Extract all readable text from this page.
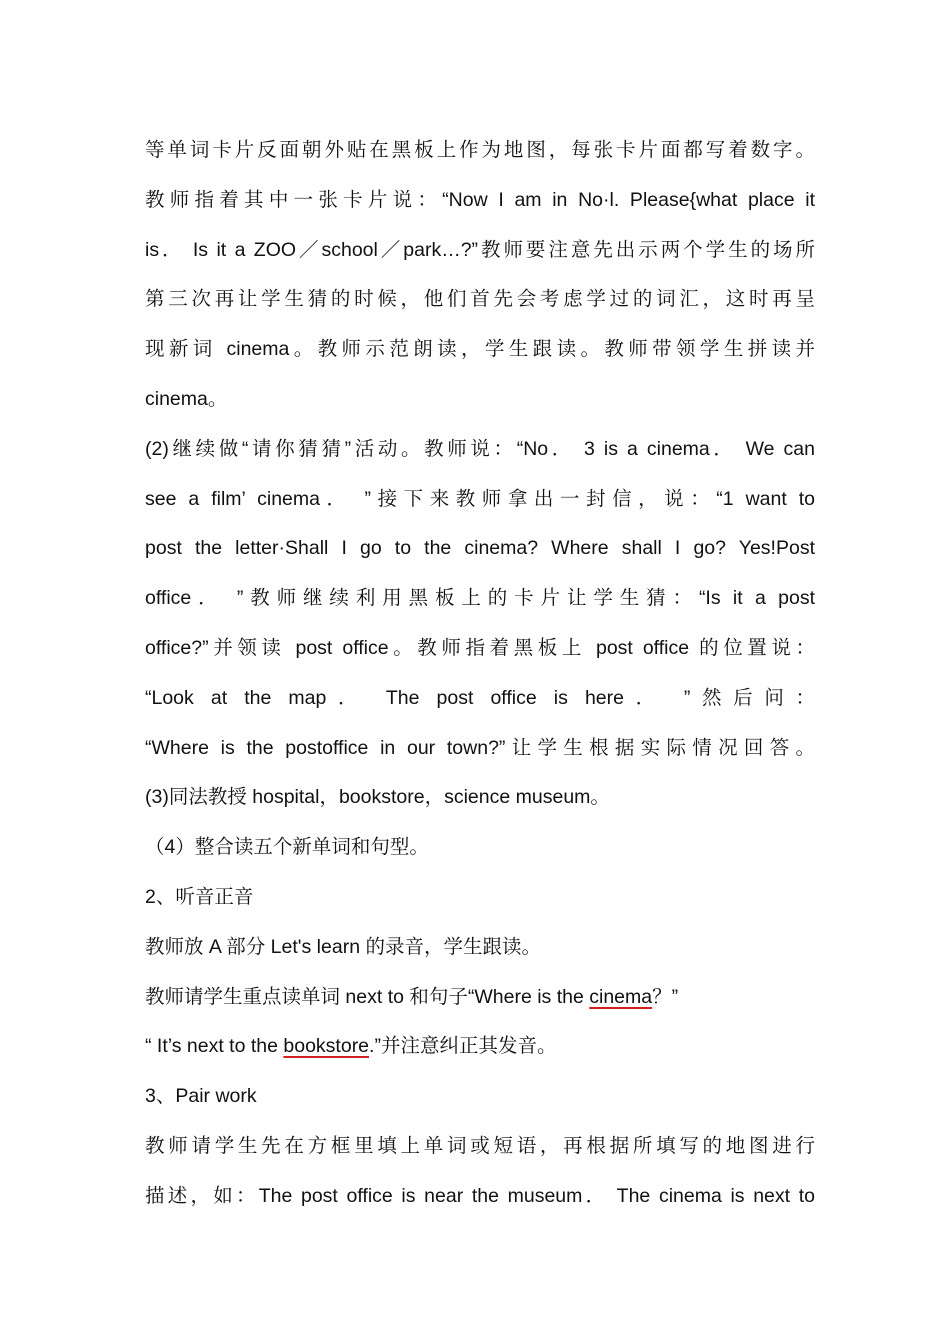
等单词卡片反面朝外贴在黑板上作为地图，每张卡片面都写着数字。
教师指着其中一张卡片说：“Now I am in No·l. Please{what place it
is． Is it a ZOO／school／park…?”教师要注意先出示两个学生的场所
第三次再让学生猜的时候，他们首先会考虑学过的词汇，这时再呈
现新词 cinema。教师示范朗读，学生跟读。教师带领学生拼读并
cinema。
(2)继续做“请你猜猜”活动。教师说：“No． 3 is a cinema． We can
see a film’ cinema． ”接下来教师拿出一封信，说：“1 want to
post the letter·Shall I go to the cinema? Where shall I go? Yes!Post
office． ”教师继续利用黑板上的卡片让学生猜：“Is it a post
office?”并领读 post office。教师指着黑板上 post office 的位置说：
“Look at the map． The post office is here． ”然后问：
“Where is the postoffice in our town?”让学生根据实际情况回答。
(3)同法教授 hospital，bookstore，science museum。
（4）整合读五个新单词和句型。
2、听音正音
教师放 A 部分 Let's learn 的录音，学生跟读。
教师请学生重点读单词 next to 和句子“Where is the cinema？”
“ It’s next to the bookstore.”并注意纠正其发音。
3、Pair work
教师请学生先在方框里填上单词或短语，再根据所填写的地图进行
描述，如：The post office is near the museum． The cinema is next to
